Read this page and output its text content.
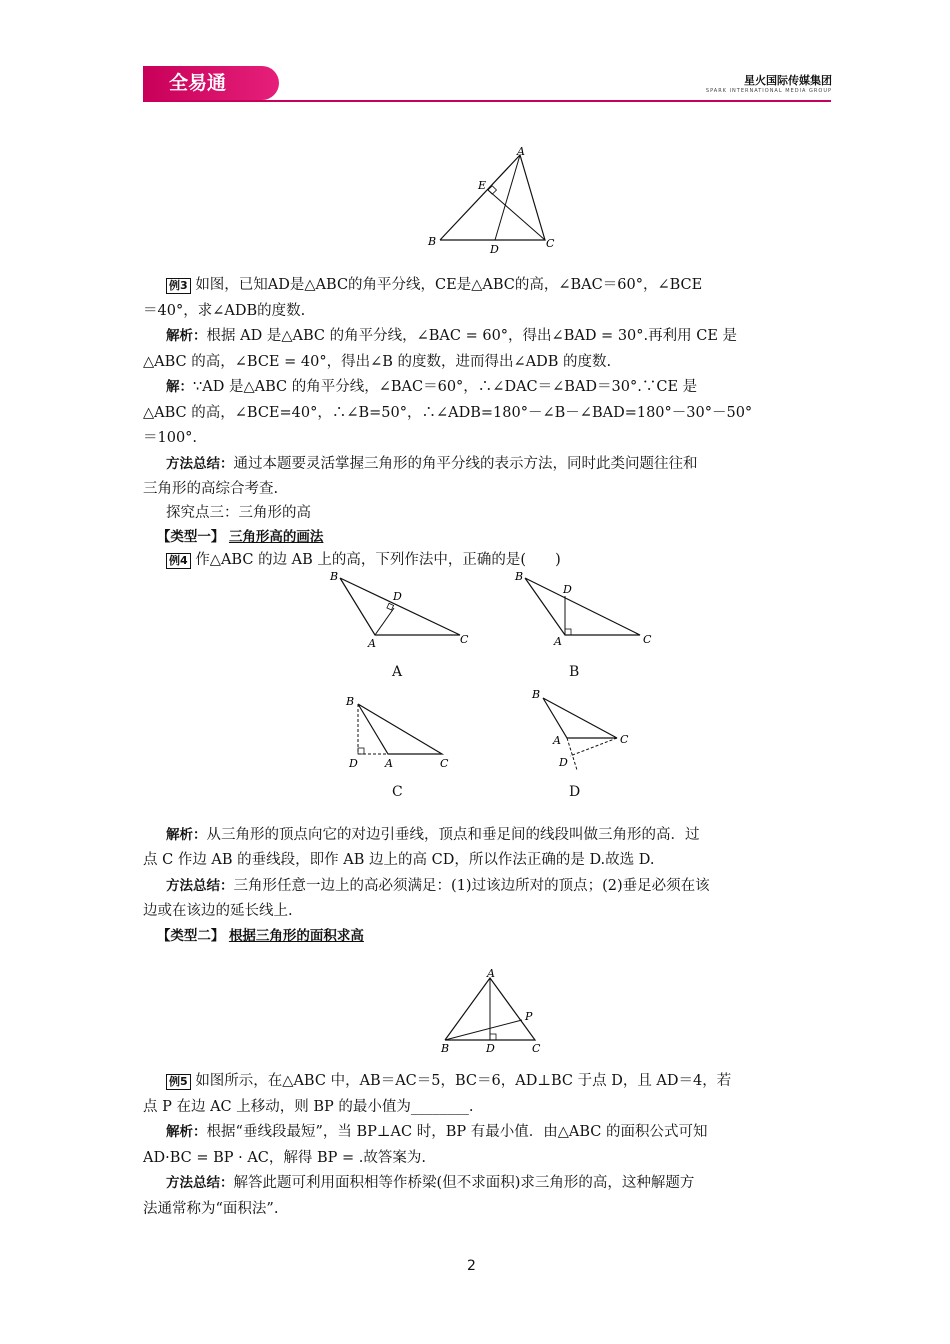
全易通	星火国际传媒集团
SPARK INTERNATIONAL MEDIA GROUP
A
E
B
D	C

例3 如图，已知AD是△ABC的角平分线，CE是△ABC的高，∠BAC＝60°，∠BCE

＝40°，求∠ADB的度数.

解析：根据 AD 是△ABC 的角平分线，∠BAC = 60°，得出∠BAD = 30°.再利用 CE 是

△ABC 的高，∠BCE = 40°，得出∠B 的度数，进而得出∠ADB 的度数.

解：∵AD 是△ABC 的角平分线，∠BAC＝60°，∴∠DAC＝∠BAD＝30°.∵CE 是

△ABC 的高，∠BCE=40°，∴∠B=50°，∴∠ADB=180°－∠B－∠BAD=180°－30°－50°

＝100°.

方法总结：通过本题要灵活掌握三角形的角平分线的表示方法，同时此类问题往往和

三角形的高综合考查.

探究点三：三角形的高

【类型一】 三角形高的画法

例4 作△ABC 的边 AB 上的高，下列作法中，正确的是(　　)

B
D
A	C
A
B
D
A	C
B
B
D A	C
C
B
A	C
D
D

解析：从三角形的顶点向它的对边引垂线，顶点和垂足间的线段叫做三角形的高．过

点 C 作边 AB 的垂线段，即作 AB 边上的高 CD，所以作法正确的是 D.故选 D.

方法总结：三角形任意一边上的高必须满足：(1)过该边所对的顶点；(2)垂足必须在该

边或在该边的延长线上.

【类型二】 根据三角形的面积求高

A
P
B	D	C

例5 如图所示，在△ABC 中，AB＝AC＝5，BC＝6，AD⊥BC 于点 D，且 AD＝4，若

点 P 在边 AC 上移动，则 BP 的最小值为________.

解析：根据“垂线段最短”，当 BP⊥AC 时，BP 有最小值．由△ABC 的面积公式可知

AD·BC = BP · AC，解得 BP = .故答案为.

方法总结：解答此题可利用面积相等作桥梁(但不求面积)求三角形的高，这种解题方

法通常称为“面积法”.

2
